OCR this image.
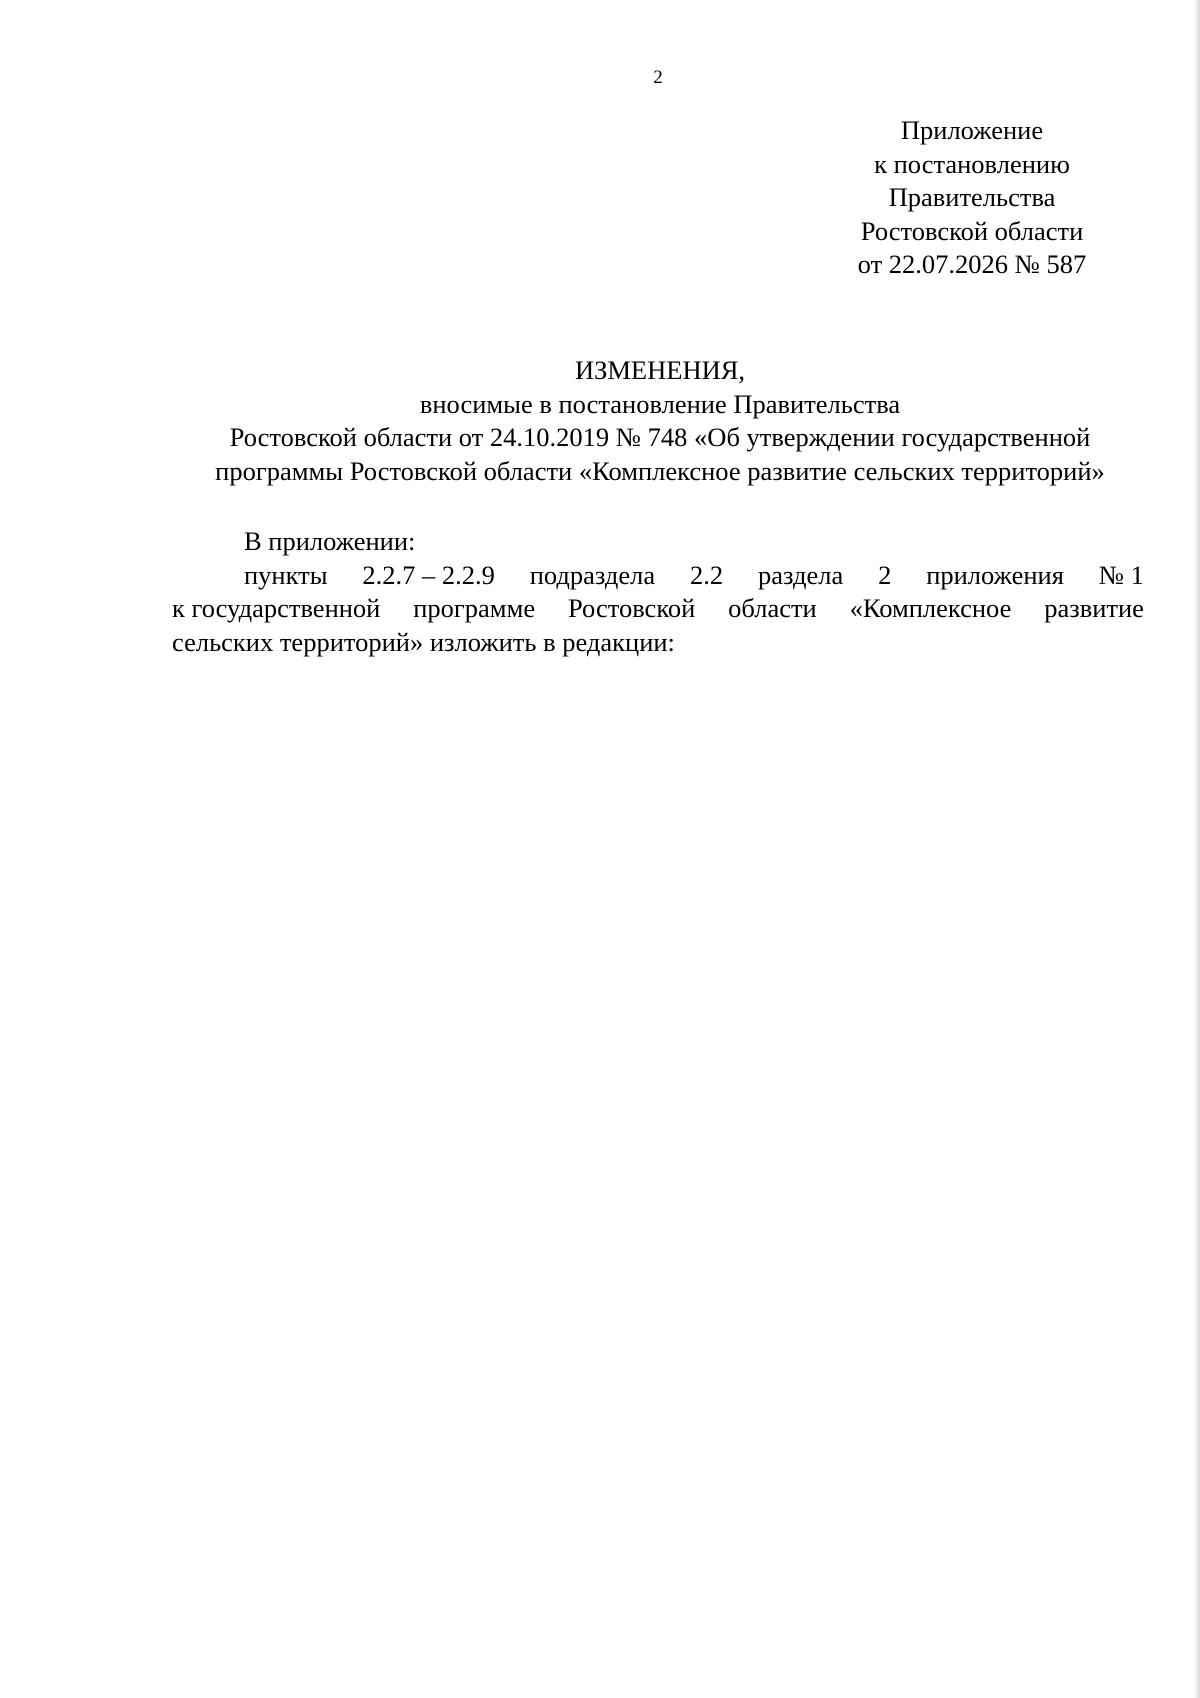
2
Приложение
к постановлению
Правительства
Ростовской области
от 22.07.2026 № 587
ИЗМЕНЕНИЯ,
вносимые в постановление Правительства
Ростовской области от 24.10.2019 № 748 «Об утверждении государственной
программы Ростовской области «Комплексное развитие сельских территорий»
В приложении:
пункты 2.2.7 – 2.2.9 подраздела 2.2 раздела 2 приложения № 1
к государственной программе Ростовской области «Комплексное развитие
сельских территорий» изложить в редакции:
